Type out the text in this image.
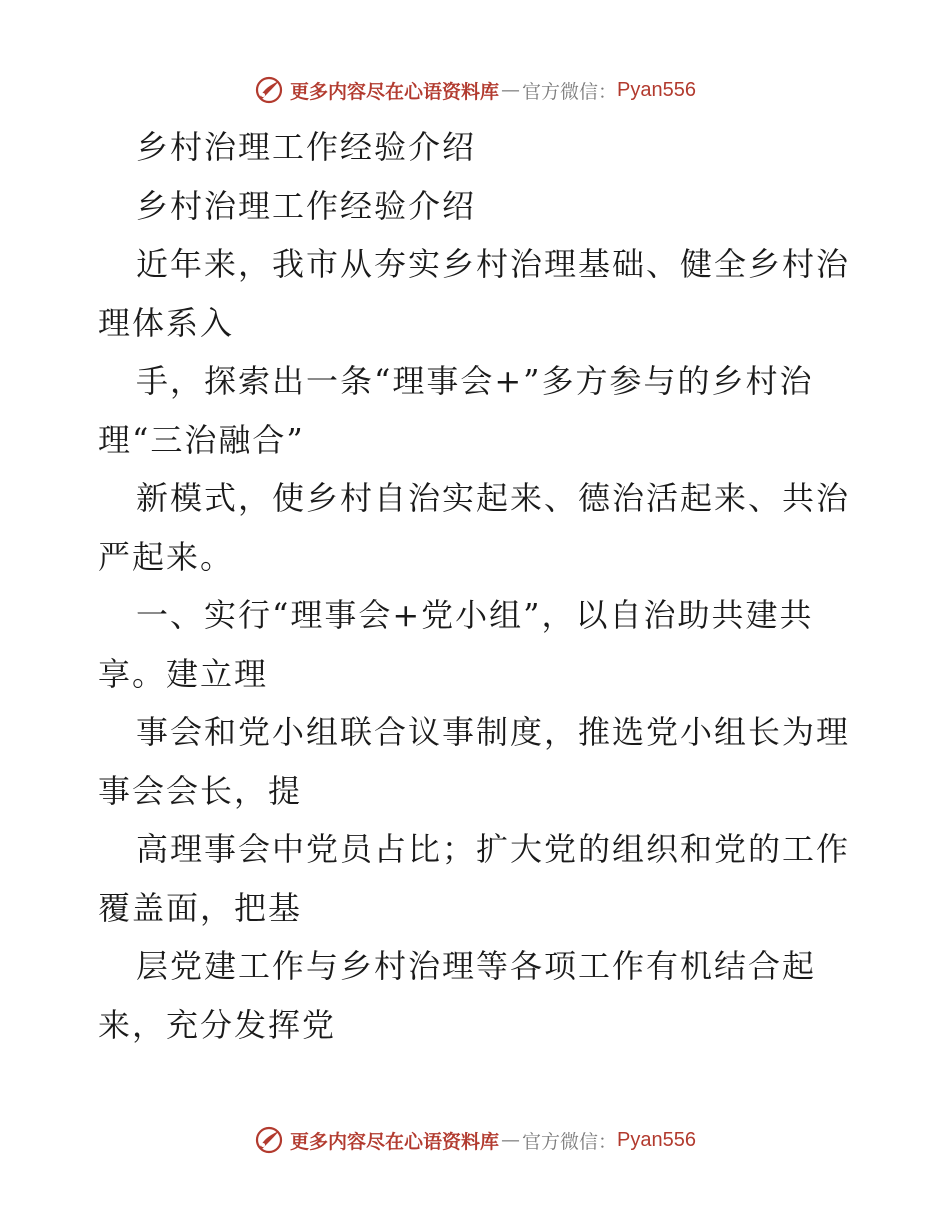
更多内容尽在心语资料库 — 官方微信： Pyan556
乡村治理工作经验介绍
乡村治理工作经验介绍
近年来，我市从夯实乡村治理基础、健全乡村治
理体系入
手，探索出一条“理事会+”多方参与的乡村治
理“三治融合”
新模式，使乡村自治实起来、德治活起来、共治
严起来。
一、实行“理事会+党小组”，以自治助共建共
享。建立理
事会和党小组联合议事制度，推选党小组长为理
事会会长，提
高理事会中党员占比；扩大党的组织和党的工作
覆盖面，把基
层党建工作与乡村治理等各项工作有机结合起
来，充分发挥党
更多内容尽在心语资料库 — 官方微信： Pyan556
